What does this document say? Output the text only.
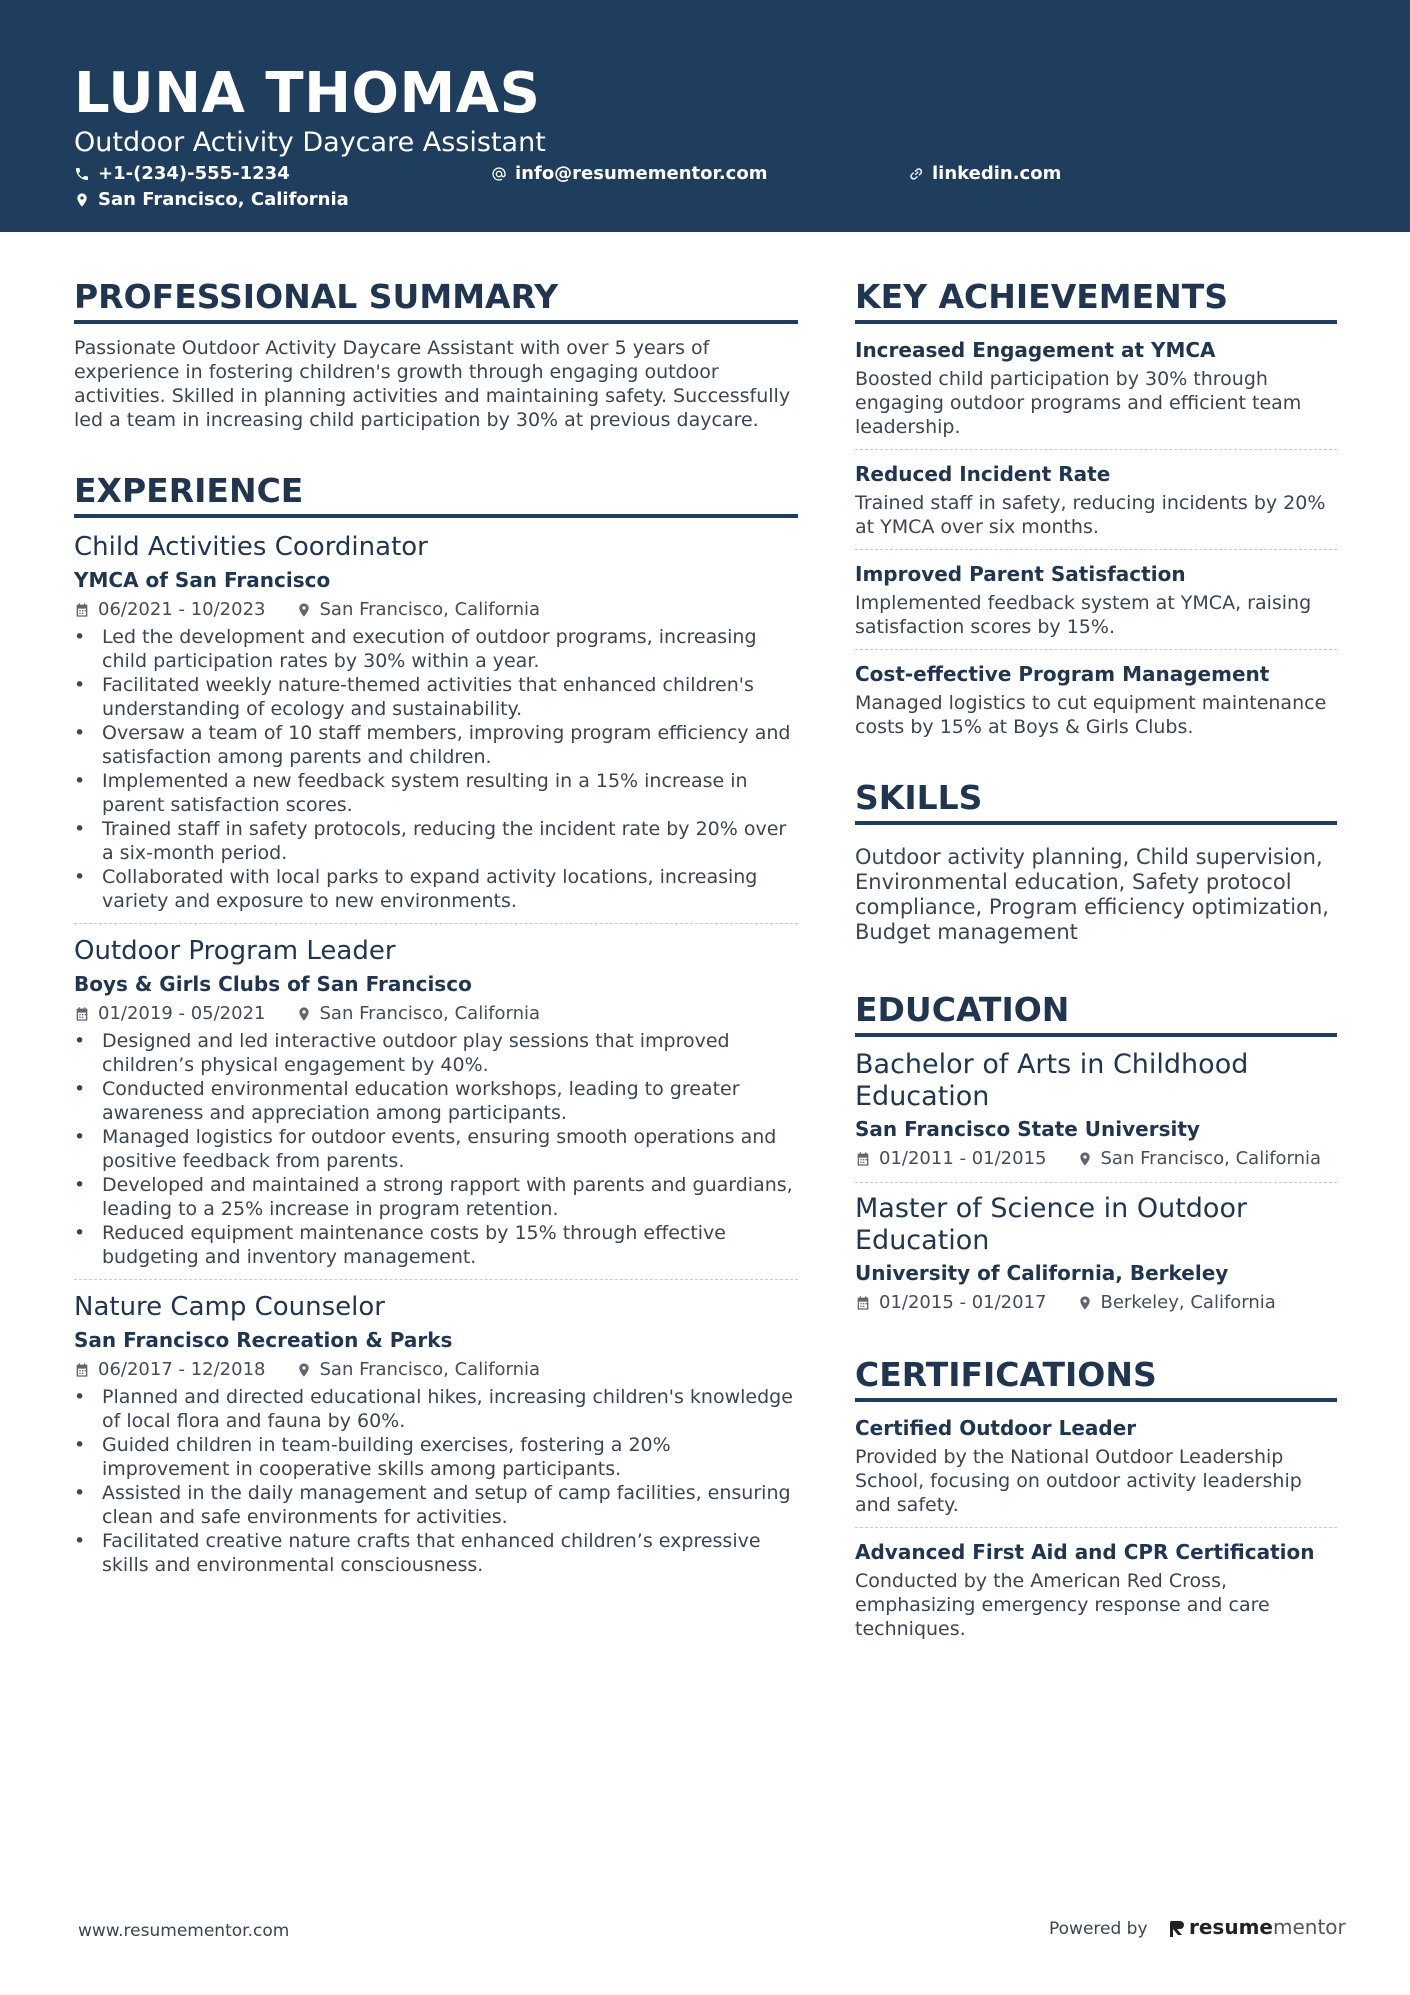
LUNA THOMAS
Outdoor Activity Daycare Assistant
+1-(234)-555-1234	info@resumementor.com	linkedin.com
San Francisco, California
PROFESSIONAL SUMMARY
Passionate Outdoor Activity Daycare Assistant with over 5 years of experience in fostering children's growth through engaging outdoor activities. Skilled in planning activities and maintaining safety. Successfully led a team in increasing child participation by 30% at previous daycare.
EXPERIENCE
Child Activities Coordinator
YMCA of San Francisco
06/2021 - 10/2023	San Francisco, California
• Led the development and execution of outdoor programs, increasing child participation rates by 30% within a year.
• Facilitated weekly nature-themed activities that enhanced children's understanding of ecology and sustainability.
• Oversaw a team of 10 staff members, improving program efficiency and satisfaction among parents and children.
• Implemented a new feedback system resulting in a 15% increase in parent satisfaction scores.
• Trained staff in safety protocols, reducing the incident rate by 20% over a six-month period.
• Collaborated with local parks to expand activity locations, increasing variety and exposure to new environments.
Outdoor Program Leader
Boys & Girls Clubs of San Francisco
01/2019 - 05/2021	San Francisco, California
• Designed and led interactive outdoor play sessions that improved children’s physical engagement by 40%.
• Conducted environmental education workshops, leading to greater awareness and appreciation among participants.
• Managed logistics for outdoor events, ensuring smooth operations and positive feedback from parents.
• Developed and maintained a strong rapport with parents and guardians, leading to a 25% increase in program retention.
• Reduced equipment maintenance costs by 15% through effective budgeting and inventory management.
Nature Camp Counselor
San Francisco Recreation & Parks
06/2017 - 12/2018	San Francisco, California
• Planned and directed educational hikes, increasing children's knowledge of local flora and fauna by 60%.
• Guided children in team-building exercises, fostering a 20% improvement in cooperative skills among participants.
• Assisted in the daily management and setup of camp facilities, ensuring clean and safe environments for activities.
• Facilitated creative nature crafts that enhanced children’s expressive skills and environmental consciousness.
KEY ACHIEVEMENTS
Increased Engagement at YMCA
Boosted child participation by 30% through engaging outdoor programs and efficient team leadership.
Reduced Incident Rate
Trained staff in safety, reducing incidents by 20% at YMCA over six months.
Improved Parent Satisfaction
Implemented feedback system at YMCA, raising satisfaction scores by 15%.
Cost-effective Program Management
Managed logistics to cut equipment maintenance costs by 15% at Boys & Girls Clubs.
SKILLS
Outdoor activity planning, Child supervision, Environmental education, Safety protocol compliance, Program efficiency optimization, Budget management
EDUCATION
Bachelor of Arts in Childhood Education
San Francisco State University
01/2011 - 01/2015	San Francisco, California
Master of Science in Outdoor Education
University of California, Berkeley
01/2015 - 01/2017	Berkeley, California
CERTIFICATIONS
Certified Outdoor Leader
Provided by the National Outdoor Leadership School, focusing on outdoor activity leadership and safety.
Advanced First Aid and CPR Certification
Conducted by the American Red Cross, emphasizing emergency response and care techniques.
www.resumementor.com	Powered by resume mentor
